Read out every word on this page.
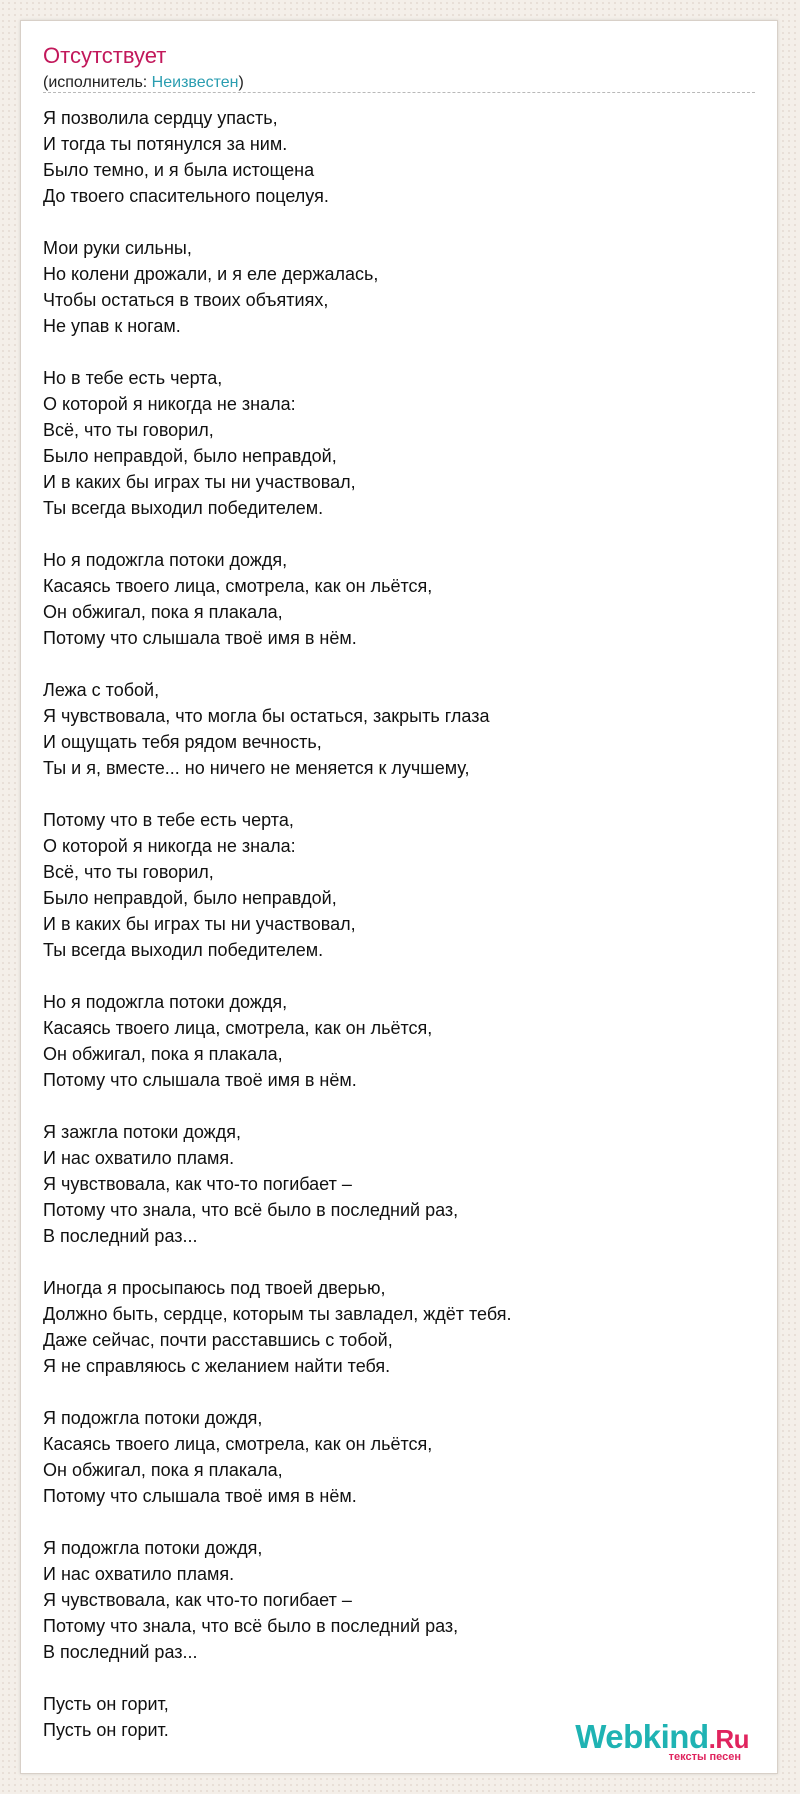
Отсутствует
(исполнитель: Неизвестен)
Я позволила сердцу упасть,
И тогда ты потянулся за ним.
Было темно, и я была истощена
До твоего спасительного поцелуя.
Мои руки сильны,
Но колени дрожали, и я еле держалась,
Чтобы остаться в твоих объятиях,
Не упав к ногам.
Но в тебе есть черта,
О которой я никогда не знала:
Всё, что ты говорил,
Было неправдой, было неправдой,
И в каких бы играх ты ни участвовал,
Ты всегда выходил победителем.
Но я подожгла потоки дождя,
Касаясь твоего лица, смотрела, как он льётся,
Он обжигал, пока я плакала,
Потому что слышала твоё имя в нём.
Лежа с тобой,
Я чувствовала, что могла бы остаться, закрыть глаза
И ощущать тебя рядом вечность,
Ты и я, вместе... но ничего не меняется к лучшему,
Потому что в тебе есть черта,
О которой я никогда не знала:
Всё, что ты говорил,
Было неправдой, было неправдой,
И в каких бы играх ты ни участвовал,
Ты всегда выходил победителем.
Но я подожгла потоки дождя,
Касаясь твоего лица, смотрела, как он льётся,
Он обжигал, пока я плакала,
Потому что слышала твоё имя в нём.
Я зажгла потоки дождя,
И нас охватило пламя.
Я чувствовала, как что-то погибает –
Потому что знала, что всё было в последний раз,
В последний раз...
Иногда я просыпаюсь под твоей дверью,
Должно быть, сердце, которым ты завладел, ждёт тебя.
Даже сейчас, почти расставшись с тобой,
Я не справляюсь с желанием найти тебя.
Я подожгла потоки дождя,
Касаясь твоего лица, смотрела, как он льётся,
Он обжигал, пока я плакала,
Потому что слышала твоё имя в нём.
Я подожгла потоки дождя,
И нас охватило пламя.
Я чувствовала, как что-то погибает –
Потому что знала, что всё было в последний раз,
В последний раз...
Пусть он горит,
Пусть он горит.	Webkind.Ru
тексты песен
